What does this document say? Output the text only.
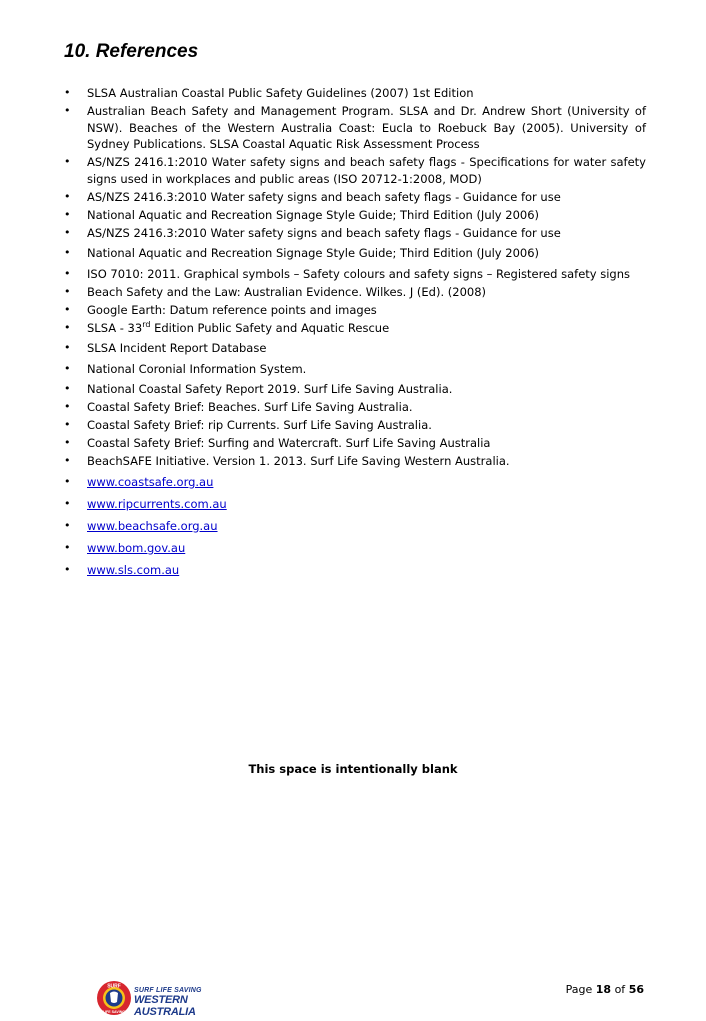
10. References
• SLSA Australian Coastal Public Safety Guidelines (2007) 1st Edition
• Australian Beach Safety and Management Program. SLSA and Dr. Andrew Short (University of NSW). Beaches of the Western Australia Coast: Eucla to Roebuck Bay (2005). University of Sydney Publications. SLSA Coastal Aquatic Risk Assessment Process
• AS/NZS 2416.1:2010 Water safety signs and beach safety flags - Specifications for water safety signs used in workplaces and public areas (ISO 20712-1:2008, MOD)
• AS/NZS 2416.3:2010 Water safety signs and beach safety flags - Guidance for use
• National Aquatic and Recreation Signage Style Guide; Third Edition (July 2006)
• AS/NZS 2416.3:2010 Water safety signs and beach safety flags - Guidance for use
• National Aquatic and Recreation Signage Style Guide; Third Edition (July 2006)
• ISO 7010: 2011. Graphical symbols – Safety colours and safety signs – Registered safety signs
• Beach Safety and the Law: Australian Evidence. Wilkes. J (Ed). (2008)
• Google Earth: Datum reference points and images
• SLSA - 33rd Edition Public Safety and Aquatic Rescue
• SLSA Incident Report Database
• National Coronial Information System.
• National Coastal Safety Report 2019. Surf Life Saving Australia.
• Coastal Safety Brief: Beaches. Surf Life Saving Australia.
• Coastal Safety Brief: rip Currents. Surf Life Saving Australia.
• Coastal Safety Brief: Surfing and Watercraft. Surf Life Saving Australia
• BeachSAFE Initiative. Version 1. 2013. Surf Life Saving Western Australia.
• www.coastsafe.org.au
• www.ripcurrents.com.au
• www.beachsafe.org.au
• www.bom.gov.au
• www.sls.com.au
This space is intentionally blank
SURF
LIFE SAVING
SURF LIFE SAVING
WESTERN AUSTRALIA
Page 18 of 56
